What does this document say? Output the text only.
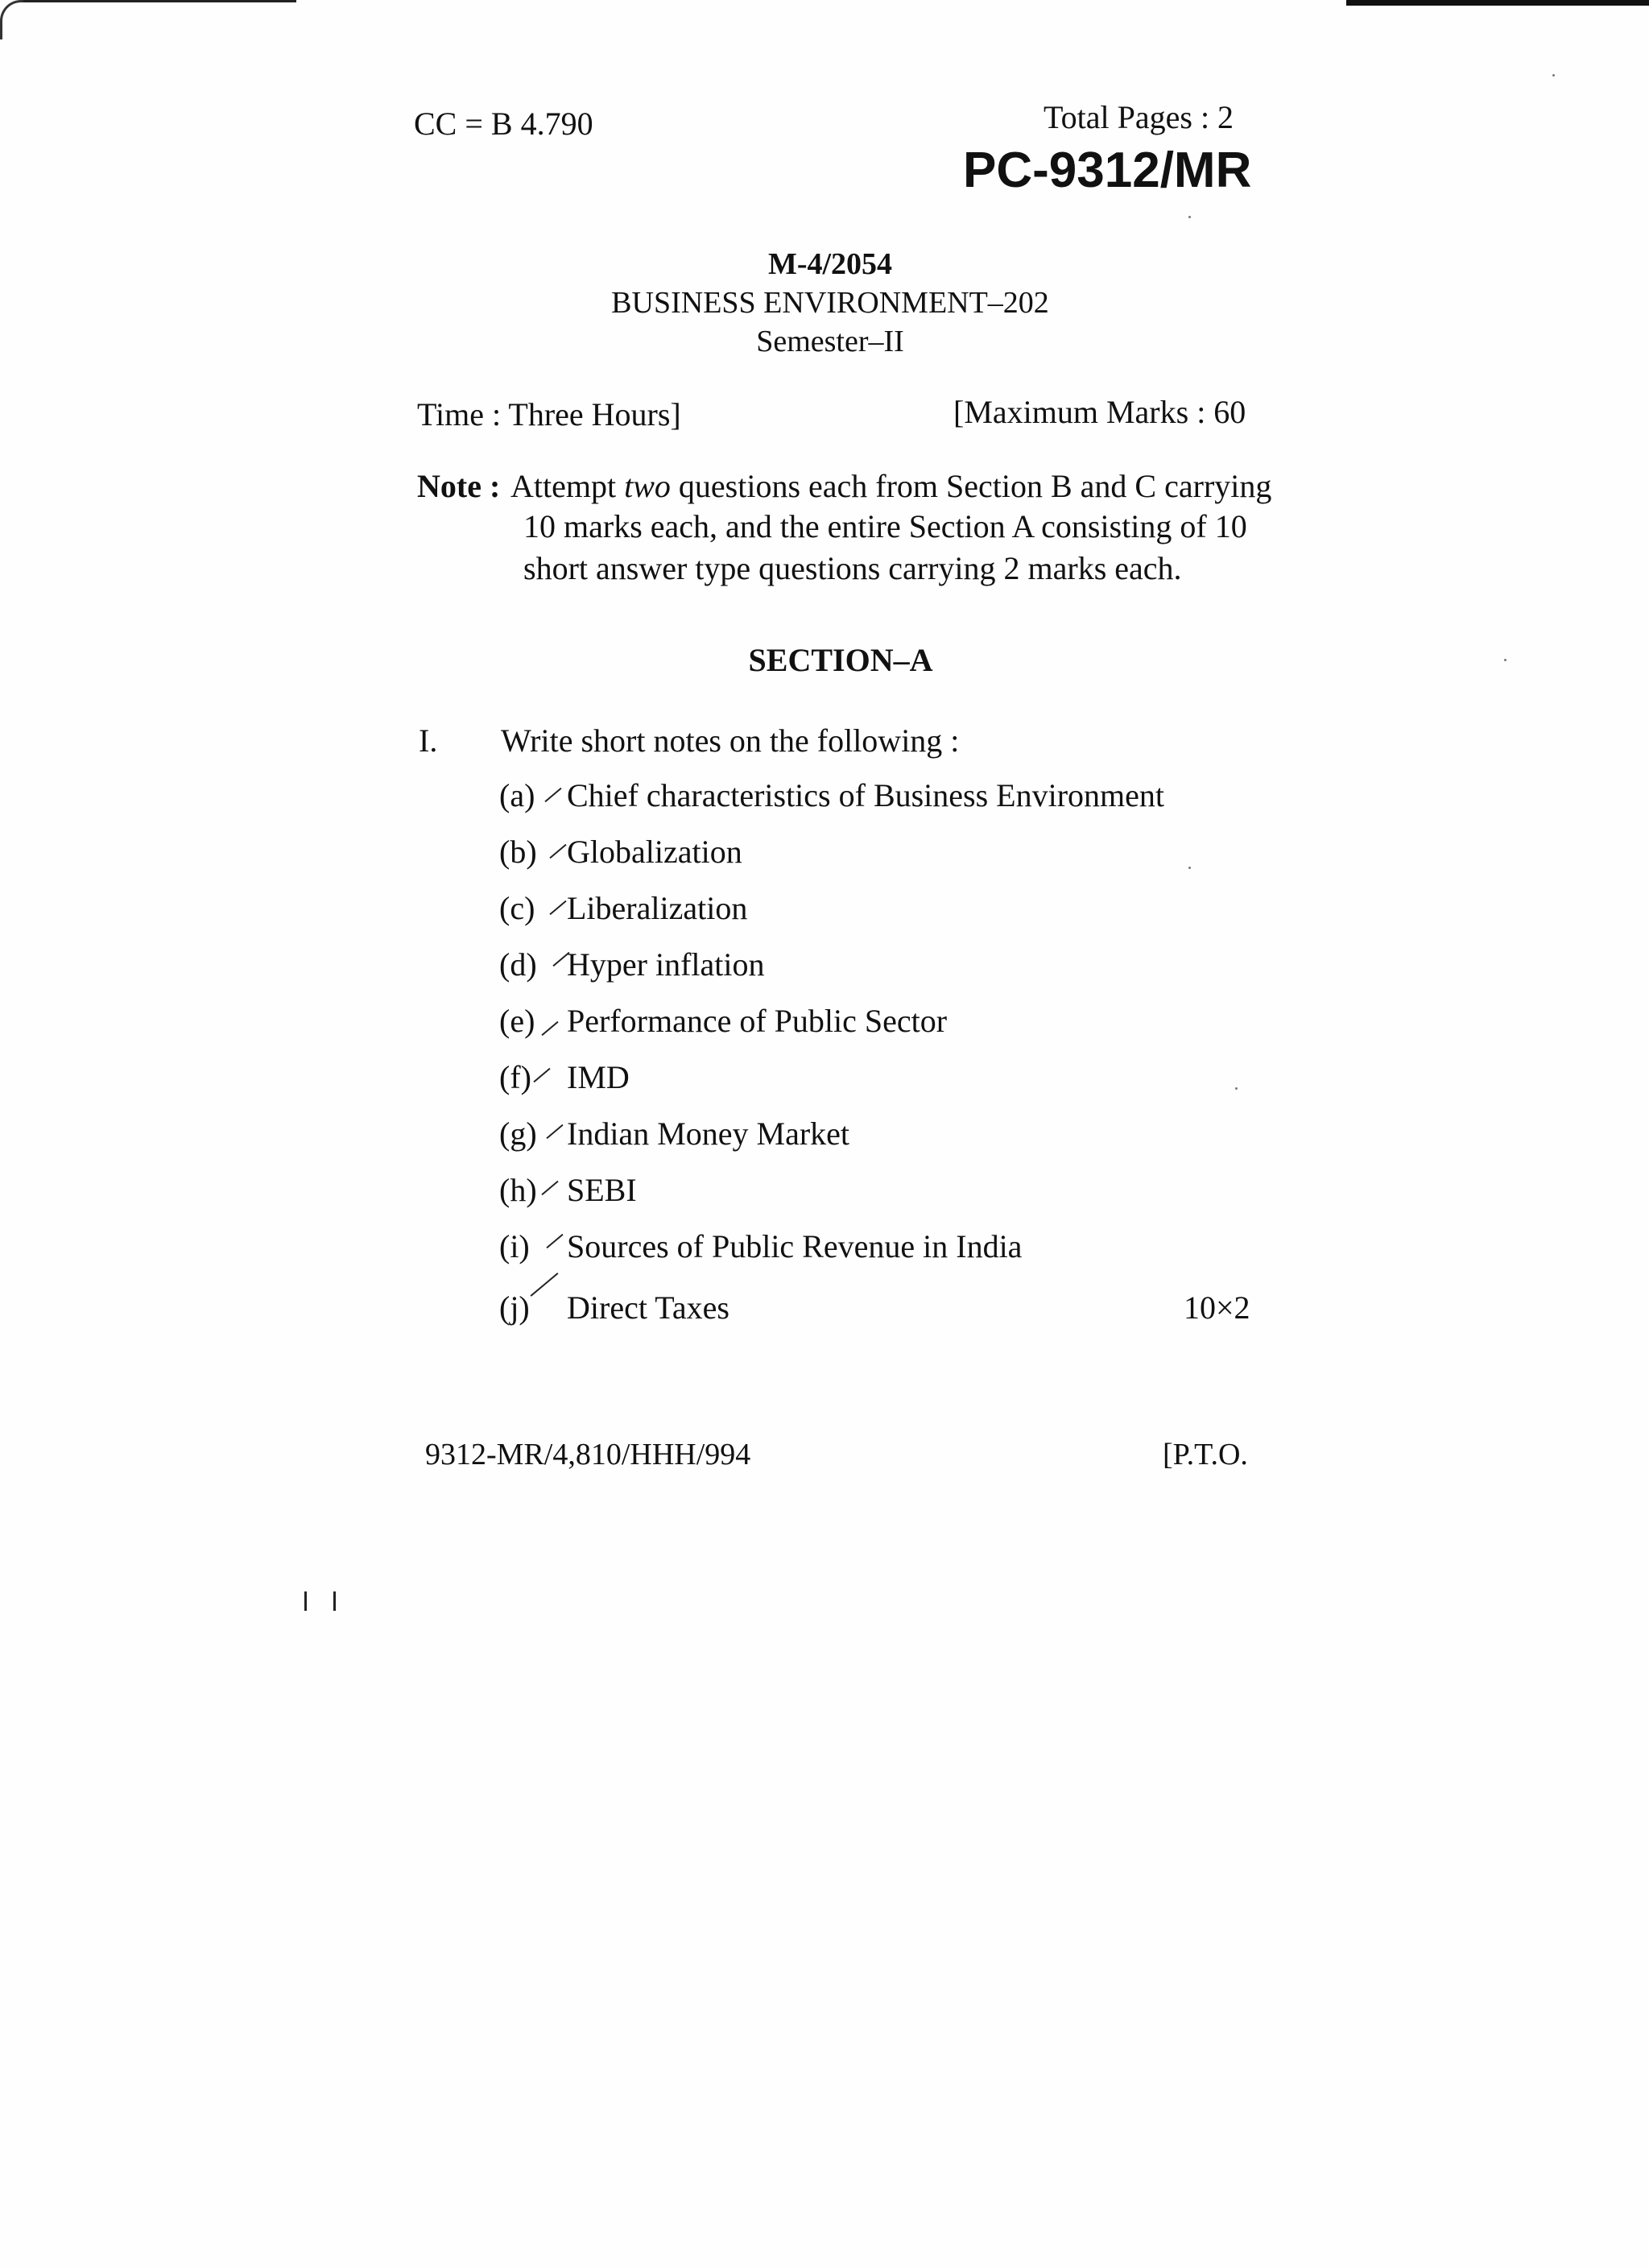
CC = B 4.790	Total Pages : 2
PC-9312/MR
M-4/2054
BUSINESS ENVIRONMENT–202
Semester–II
Time : Three Hours]	[Maximum Marks : 60
Note : Attempt two questions each from Section B and C carrying
10 marks each, and the entire Section A consisting of 10
short answer type questions carrying 2 marks each.
SECTION–A
I. Write short notes on the following :
(a) Chief characteristics of Business Environment
(b) Globalization
(c) Liberalization
(d) Hyper inflation
(e) Performance of Public Sector
(f) IMD
(g) Indian Money Market
(h) SEBI
(i) Sources of Public Revenue in India
(j) Direct Taxes	10×2
9312-MR/4,810/HHH/994	[P.T.O.
